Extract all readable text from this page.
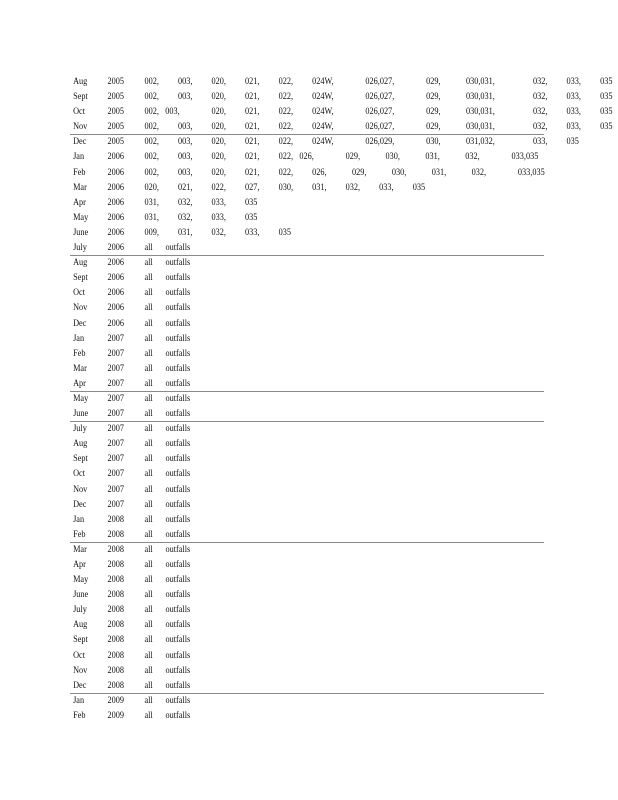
Aug 2005 002,   003,   020,   021,   022,   024W,     026,027,     029,    030,031,      032,   033,   035
Sept 2005 002,   003,   020,   021,   022,   024W,     026,027,     029,    030,031,      032,   033,   035
Oct 2005 002, 003,     020,   021,   022,   024W,     026,027,     029,    030,031,      032,   033,   035
Nov 2005 002,   003,   020,   021,   022,   024W,     026,027,     029,    030,031,      032,   033,   035
Dec 2005 002,   003,   020,   021,   022,   024W,     026,029,     030,    031,032,      033,   035
Jan 2006 002,   003,   020,   021,   022, 026,     029,    030,    031,    032,     033,035
Feb 2006 002,   003,   020,   021,   022,   026,    029,    030,    031,    032,     033,035
Mar 2006 020,   021,   022,   027,   030,   031,   032,   033,   035
Apr 2006 031,   032,   033,   035
May 2006 031,   032,   033,   035
June 2006 009,   031,   032,   033,   035
July 2006 all  outfalls
Aug 2006 all  outfalls
Sept 2006 all  outfalls
Oct 2006 all  outfalls
Nov 2006 all  outfalls
Dec 2006 all  outfalls
Jan 2007 all  outfalls
Feb 2007 all  outfalls
Mar 2007 all  outfalls
Apr 2007 all  outfalls
May 2007 all  outfalls
June 2007 all  outfalls
July 2007 all  outfalls
Aug 2007 all  outfalls
Sept 2007 all  outfalls
Oct 2007 all  outfalls
Nov 2007 all  outfalls
Dec 2007 all  outfalls
Jan 2008 all  outfalls
Feb 2008 all  outfalls
Mar 2008 all  outfalls
Apr 2008 all  outfalls
May 2008 all  outfalls
June 2008 all  outfalls
July 2008 all  outfalls
Aug 2008 all  outfalls
Sept 2008 all  outfalls
Oct 2008 all  outfalls
Nov 2008 all  outfalls
Dec 2008 all  outfalls
Jan 2009 all  outfalls
Feb 2009 all  outfalls
